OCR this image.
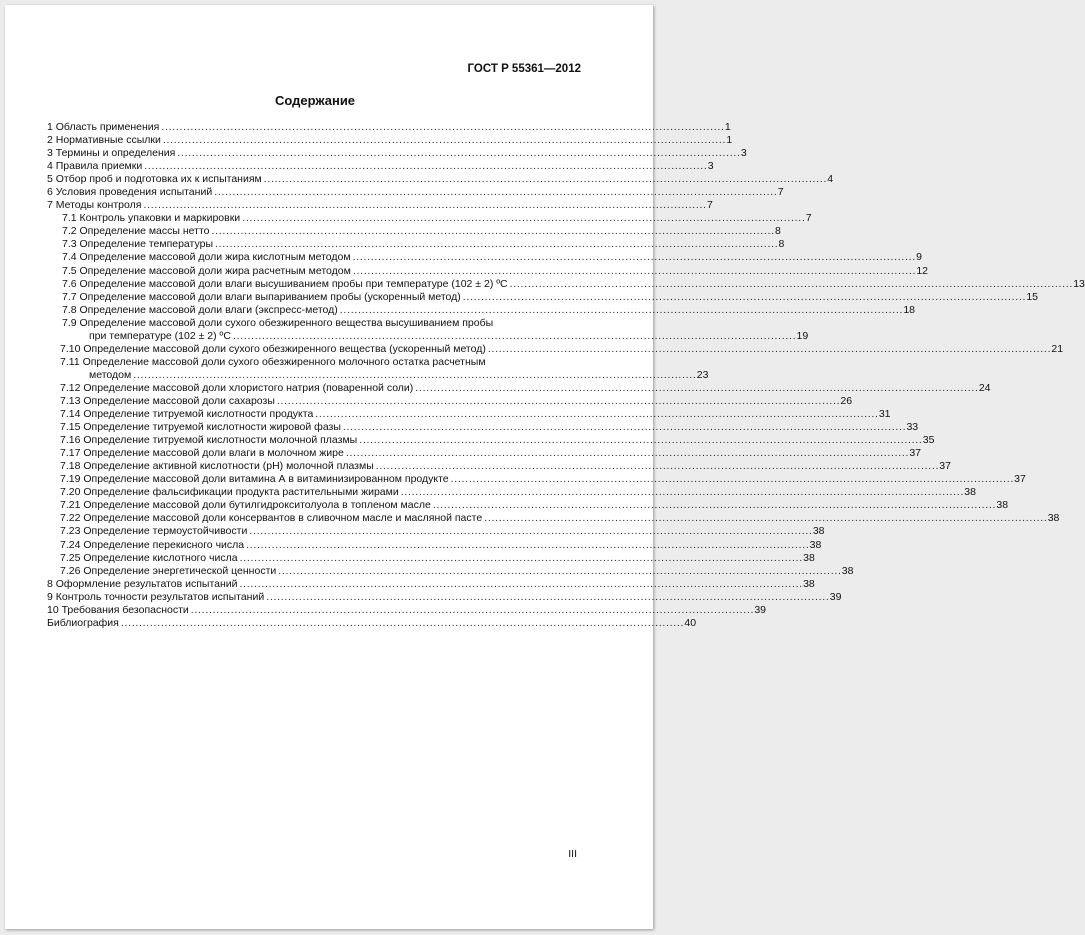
ГОСТ Р 55361—2012
Содержание
1 Область применения . . .	1
2 Нормативные ссылки . . .	1
3 Термины и определения . . .	3
4 Правила приемки . . .	3
5 Отбор проб и подготовка их к испытаниям . . .	4
6 Условия проведения испытаний . . .	7
7 Методы контроля . . .	7
7.1 Контроль упаковки и маркировки . . .	7
7.2 Определение массы нетто . . .	8
7.3 Определение температуры . . .	8
7.4 Определение массовой доли жира кислотным методом . . .	9
7.5 Определение массовой доли жира расчетным методом . . .	12
7.6 Определение массовой доли влаги высушиванием пробы при температуре (102 ± 2) ºС . . .	13
7.7 Определение массовой доли влаги выпариванием пробы (ускоренный метод) . . .	15
7.8 Определение массовой доли влаги (экспресс-метод) . . .	18
7.9 Определение массовой доли сухого обезжиренного вещества высушиванием пробы
при температуре (102 ± 2) ºС . . .	19
7.10 Определение массовой доли сухого обезжиренного вещества (ускоренный метод) . . .	21
7.11 Определение массовой доли сухого обезжиренного молочного остатка расчетным
методом . . .	23
7.12 Определение массовой доли хлористого натрия (поваренной соли) . . .	24
7.13 Определение массовой доли сахарозы . . .	26
7.14 Определение титруемой кислотности продукта . . .	31
7.15 Определение титруемой кислотности жировой фазы . . .	33
7.16 Определение титруемой кислотности молочной плазмы . . .	35
7.17 Определение массовой доли влаги в молочном жире . . .	37
7.18 Определение активной кислотности (pH) молочной плазмы . . .	37
7.19 Определение массовой доли витамина А в витаминизированном продукте . . .	37
7.20 Определение фальсификации продукта растительными жирами . . .	38
7.21 Определение массовой доли бутилгидрокситолуола в топленом масле . . .	38
7.22 Определение массовой доли консервантов в сливочном масле и масляной пасте . . .	38
7.23 Определение термоустойчивости . . .	38
7.24 Определение перекисного числа . . .	38
7.25 Определение кислотного числа . . .	38
7.26 Определение энергетической ценности . . .	38
8 Оформление результатов испытаний . . .	38
9 Контроль точности результатов испытаний . . .	39
10 Требования безопасности . . .	39
Библиография . . .	40
III
